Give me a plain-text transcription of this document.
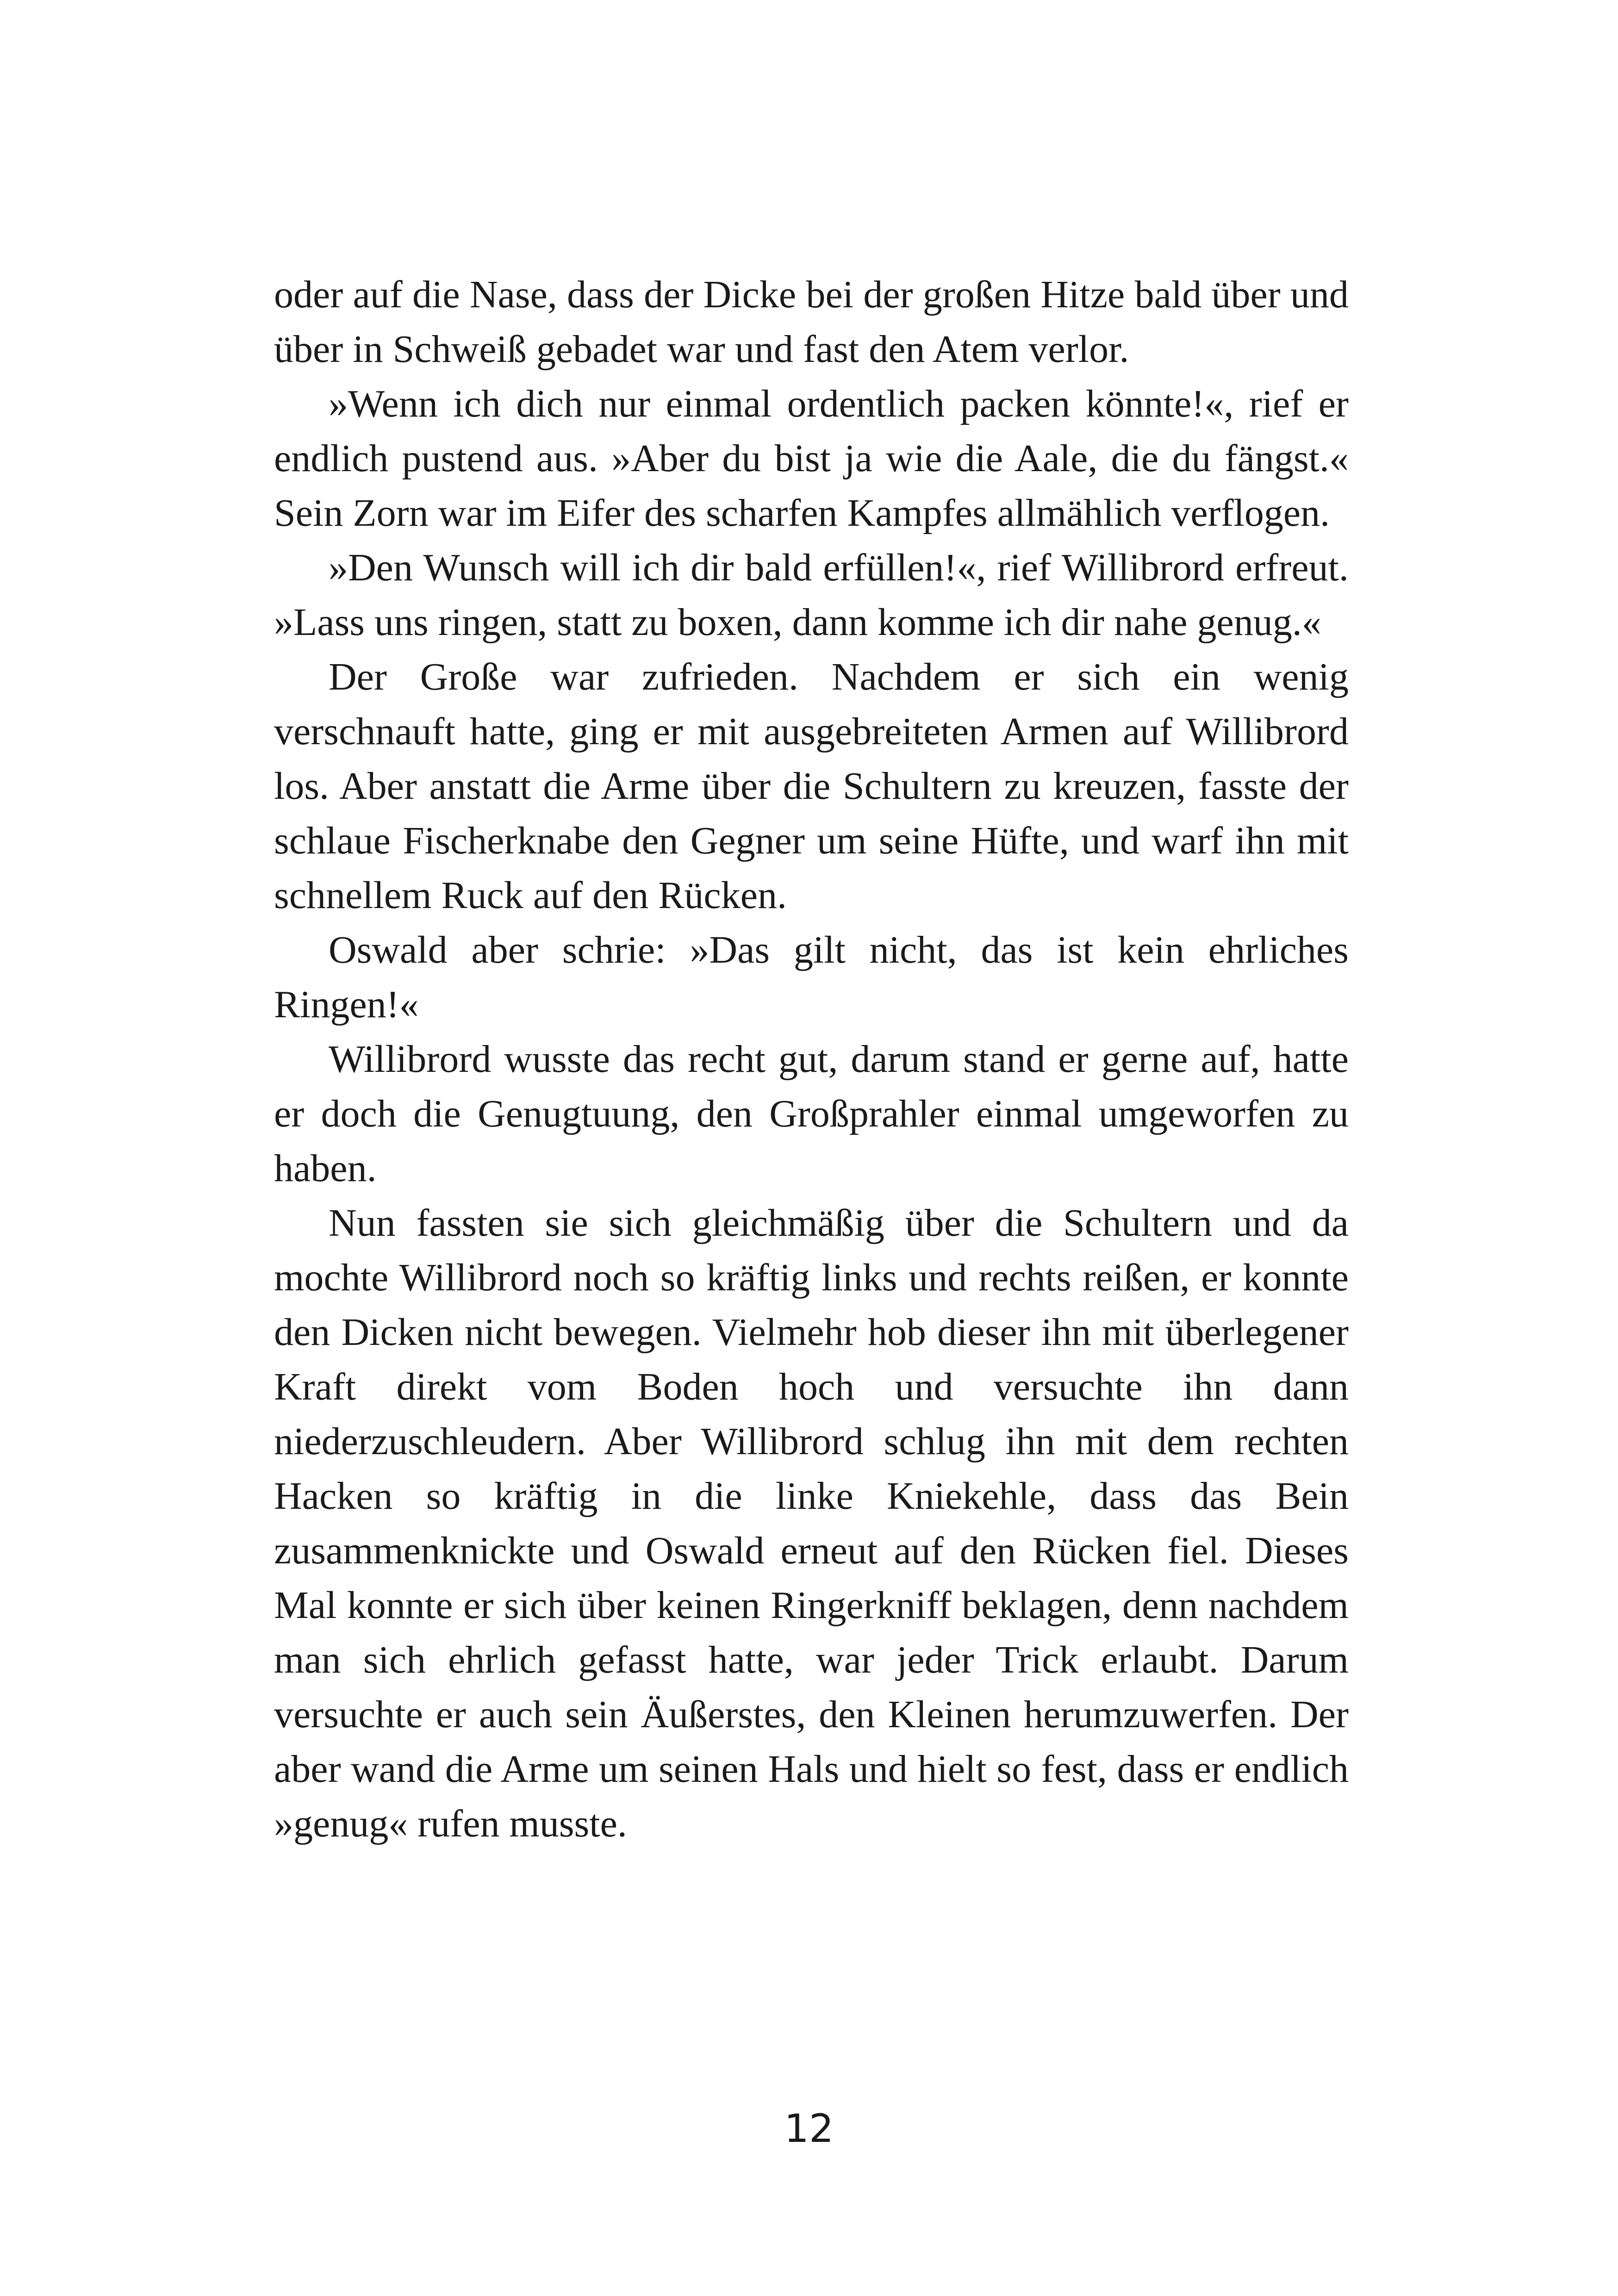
oder auf die Nase, dass der Dicke bei der großen Hitze bald über und über in Schweiß gebadet war und fast den Atem verlor.

»Wenn ich dich nur einmal ordentlich packen könnte!«, rief er endlich pustend aus. »Aber du bist ja wie die Aale, die du fängst.« Sein Zorn war im Eifer des scharfen Kampfes allmählich verflogen.

»Den Wunsch will ich dir bald erfüllen!«, rief Willibrord erfreut. »Lass uns ringen, statt zu boxen, dann komme ich dir nahe genug.«

Der Große war zufrieden. Nachdem er sich ein wenig verschnauft hatte, ging er mit ausgebreiteten Armen auf Willibrord los. Aber anstatt die Arme über die Schultern zu kreuzen, fasste der schlaue Fischerknabe den Gegner um seine Hüfte, und warf ihn mit schnellem Ruck auf den Rücken.

Oswald aber schrie: »Das gilt nicht, das ist kein ehrliches Ringen!«

Willibrord wusste das recht gut, darum stand er gerne auf, hatte er doch die Genugtuung, den Großprahler einmal umgeworfen zu haben.

Nun fassten sie sich gleichmäßig über die Schultern und da mochte Willibrord noch so kräftig links und rechts reißen, er konnte den Dicken nicht bewegen. Vielmehr hob dieser ihn mit überlegener Kraft direkt vom Boden hoch und versuchte ihn dann niederzuschleudern. Aber Willibrord schlug ihn mit dem rechten Hacken so kräftig in die linke Kniekehle, dass das Bein zusammenknickte und Oswald erneut auf den Rücken fiel. Dieses Mal konnte er sich über keinen Ringerkniff beklagen, denn nachdem man sich ehrlich gefasst hatte, war jeder Trick erlaubt. Darum versuchte er auch sein Äußerstes, den Kleinen herumzuwerfen. Der aber wand die Arme um seinen Hals und hielt so fest, dass er endlich »genug« rufen musste.

12
